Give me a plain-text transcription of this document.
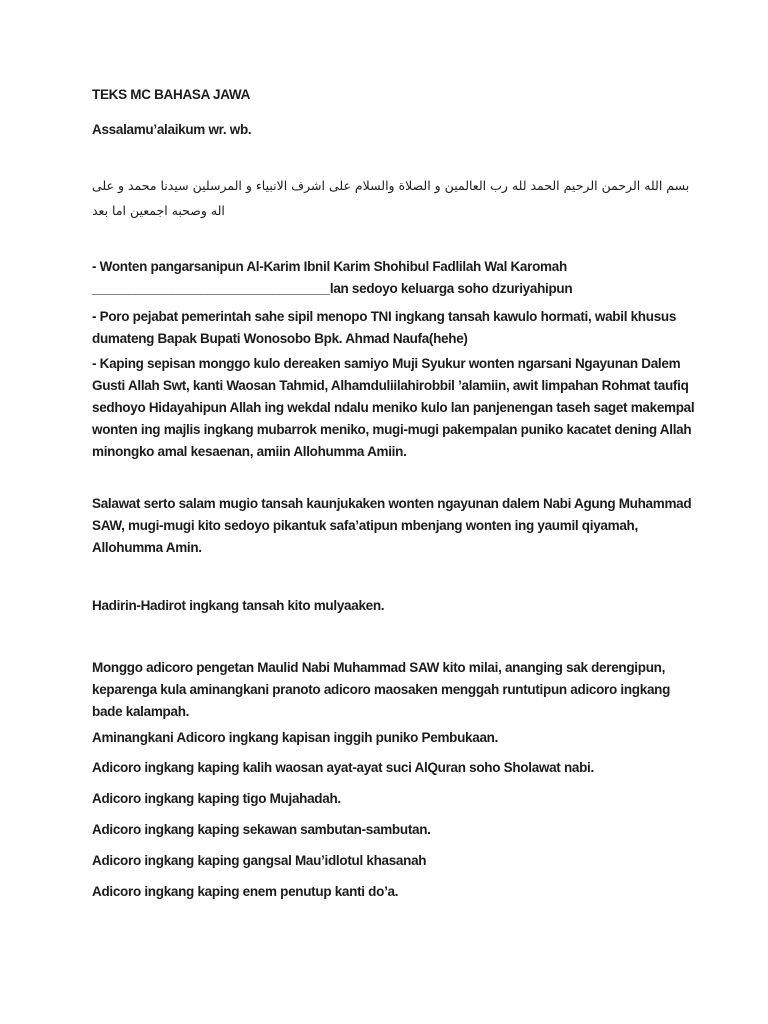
TEKS MC BAHASA JAWA

Assalamu’alaikum wr. wb.

بسم الله الرحمن الرحيم الحمد لله رب العالمين و الصلاة والسلام على اشرف الانبياء و المرسلين سيدنا محمد و على اله وصحبه اجمعين اما بعد

- Wonten pangarsanipun Al-Karim Ibnil Karim Shohibul Fadlilah Wal Karomah
_________________________________lan sedoyo keluarga soho dzuriyahipun

- Poro pejabat pemerintah sahe sipil menopo TNI ingkang tansah kawulo hormati, wabil khusus dumateng Bapak Bupati Wonosobo Bpk. Ahmad Naufa(hehe)

- Kaping sepisan monggo kulo dereaken samiyo Muji Syukur wonten ngarsani Ngayunan Dalem Gusti Allah Swt, kanti Waosan Tahmid, Alhamduliilahirobbil ’alamiin, awit limpahan Rohmat taufiq sedhoyo Hidayahipun Allah ing wekdal ndalu meniko kulo lan panjenengan taseh saget makempal wonten ing majlis ingkang mubarrok meniko, mugi-mugi pakempalan puniko kacatet dening Allah minongko amal kesaenan, amiin Allohumma Amiin.

Salawat serto salam mugio tansah kaunjukaken wonten ngayunan dalem Nabi Agung Muhammad SAW, mugi-mugi kito sedoyo pikantuk safa’atipun mbenjang wonten ing yaumil qiyamah, Allohumma Amin.

Hadirin-Hadirot ingkang tansah kito mulyaaken.

Monggo adicoro pengetan Maulid Nabi Muhammad SAW kito milai, ananging sak derengipun, keparenga kula aminangkani pranoto adicoro maosaken menggah runtutipun adicoro ingkang bade kalampah.

Aminangkani Adicoro ingkang kapisan inggih puniko Pembukaan.

Adicoro ingkang kaping kalih waosan ayat-ayat suci AlQuran soho Sholawat nabi.

Adicoro ingkang kaping tigo Mujahadah.

Adicoro ingkang kaping sekawan sambutan-sambutan.

Adicoro ingkang kaping gangsal Mau’idlotul khasanah

Adicoro ingkang kaping enem penutup kanti do’a.
